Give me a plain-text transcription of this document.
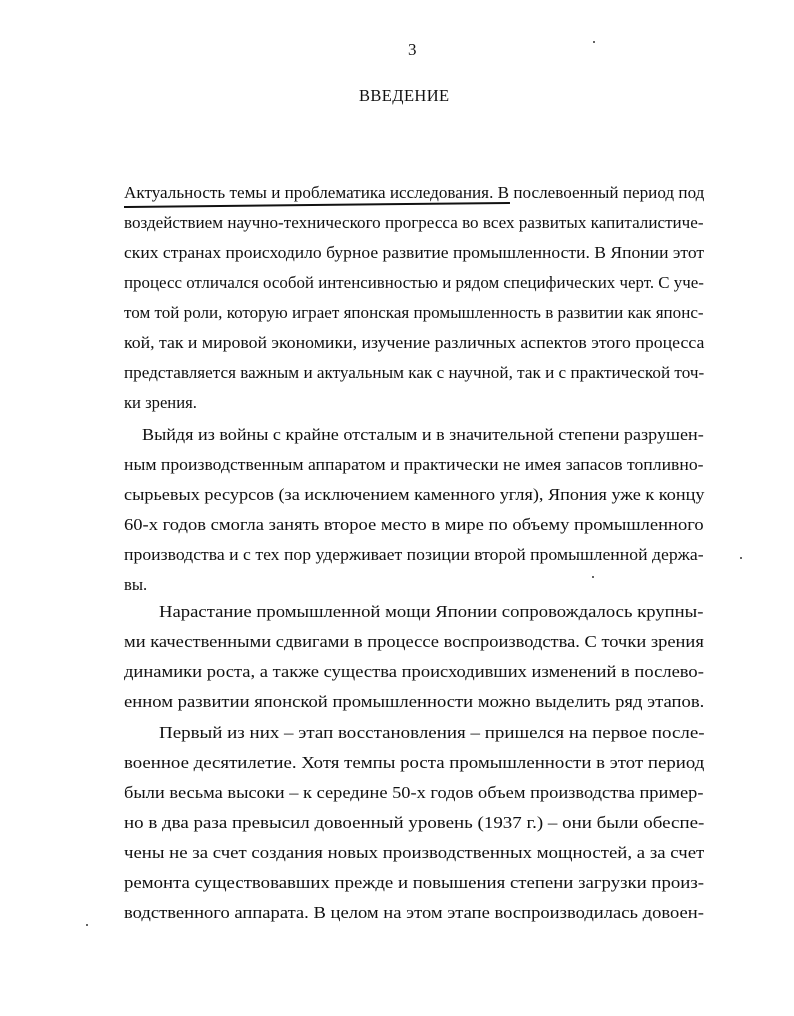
3
ВВЕДЕНИЕ
Актуальность темы и проблематика исследования. В послевоенный период под
воздействием научно-технического прогресса во всех развитых капиталистиче-
ских странах происходило бурное развитие промышленности. В Японии этот
процесс отличался особой интенсивностью и рядом специфических черт. С уче-
том той роли, которую играет японская промышленность в развитии как японс-
кой, так и мировой экономики, изучение различных аспектов этого процесса
представляется важным и актуальным как с научной, так и с практической точ-
ки зрения.
Выйдя из войны с крайне отсталым и в значительной степени разрушен-
ным производственным аппаратом и практически не имея запасов топливно-
сырьевых ресурсов (за исключением каменного угля), Япония уже к концу
60-х годов смогла занять второе место в мире по объему промышленного
производства и с тех пор удерживает позиции второй промышленной держа-
вы.
Нарастание промышленной мощи Японии сопровождалось крупны-
ми качественными сдвигами в процессе воспроизводства. С точки зрения
динамики роста, а также существа происходивших изменений в послево-
енном развитии японской промышленности можно выделить ряд этапов.
Первый из них – этап восстановления – пришелся на первое после-
военное десятилетие. Хотя темпы роста промышленности в этот период
были весьма высоки – к середине 50-х годов объем производства пример-
но в два раза превысил довоенный уровень (1937 г.) – они были обеспе-
чены не за счет создания новых производственных мощностей, а за счет
ремонта существовавших прежде и повышения степени загрузки произ-
водственного аппарата. В целом на этом этапе воспроизводилась довоен-
